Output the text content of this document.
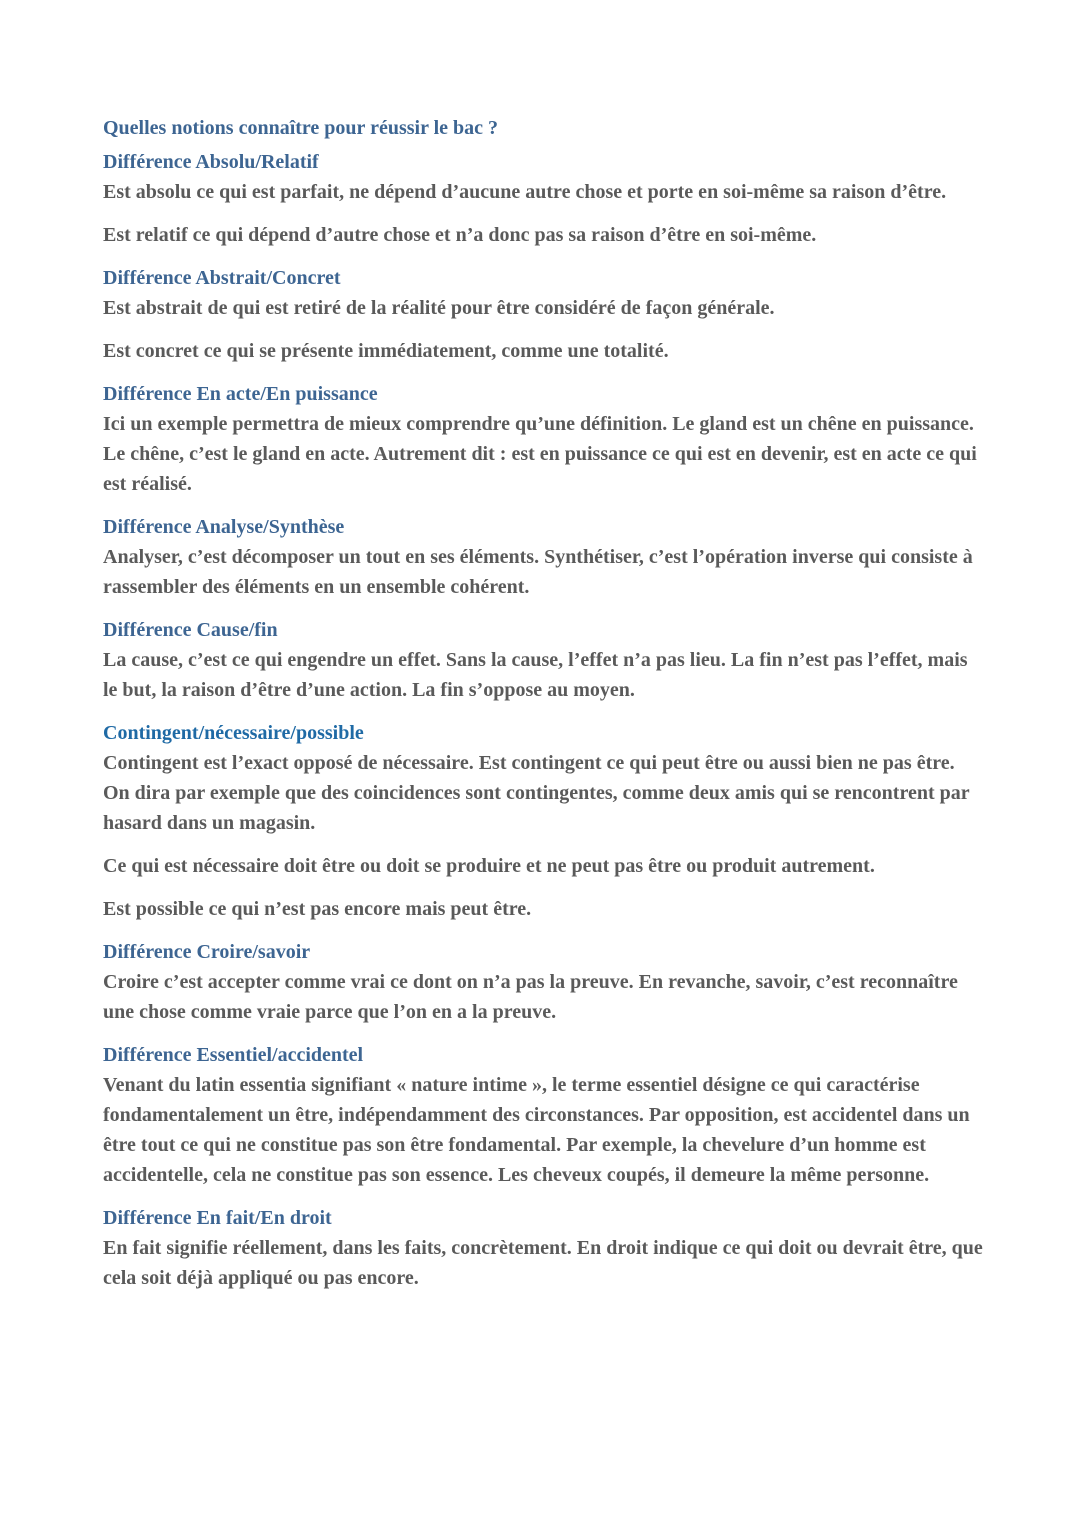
Quelles notions connaître pour réussir le bac ?
Différence Absolu/Relatif

Est absolu ce qui est parfait, ne dépend d’aucune autre chose et porte en soi-même sa raison d’être.

Est relatif ce qui dépend d’autre chose et n’a donc pas sa raison d’être en soi-même.

Différence Abstrait/Concret

Est abstrait de qui est retiré de la réalité pour être considéré de façon générale.

Est concret ce qui se présente immédiatement, comme une totalité.

Différence En acte/En puissance

Ici un exemple permettra de mieux comprendre qu’une définition. Le gland est un chêne en puissance. Le chêne, c’est le gland en acte. Autrement dit : est en puissance ce qui est en devenir, est en acte ce qui est réalisé.

Différence Analyse/Synthèse

Analyser, c’est décomposer un tout en ses éléments. Synthétiser, c’est l’opération inverse qui consiste à rassembler des éléments en un ensemble cohérent.

Différence Cause/fin

La cause, c’est ce qui engendre un effet. Sans la cause, l’effet n’a pas lieu. La fin n’est pas l’effet, mais le but, la raison d’être d’une action. La fin s’oppose au moyen.

Contingent/nécessaire/possible

Contingent est l’exact opposé de nécessaire. Est contingent ce qui peut être ou aussi bien ne pas être. On dira par exemple que des coincidences sont contingentes, comme deux amis qui se rencontrent par hasard dans un magasin.

Ce qui est nécessaire doit être ou doit se produire et ne peut pas être ou produit autrement.

Est possible ce qui n’est pas encore mais peut être.

Différence Croire/savoir

Croire c’est accepter comme vrai ce dont on n’a pas la preuve. En revanche, savoir, c’est reconnaître une chose comme vraie parce que l’on en a la preuve.

Différence Essentiel/accidentel

Venant du latin essentia signifiant « nature intime », le terme essentiel désigne ce qui caractérise fondamentalement un être, indépendamment des circonstances. Par opposition, est accidentel dans un être tout ce qui ne constitue pas son être fondamental. Par exemple, la chevelure d’un homme est accidentelle, cela ne constitue pas son essence. Les cheveux coupés, il demeure la même personne.

Différence En fait/En droit

En fait signifie réellement, dans les faits, concrètement. En droit indique ce qui doit ou devrait être, que cela soit déjà appliqué ou pas encore.
